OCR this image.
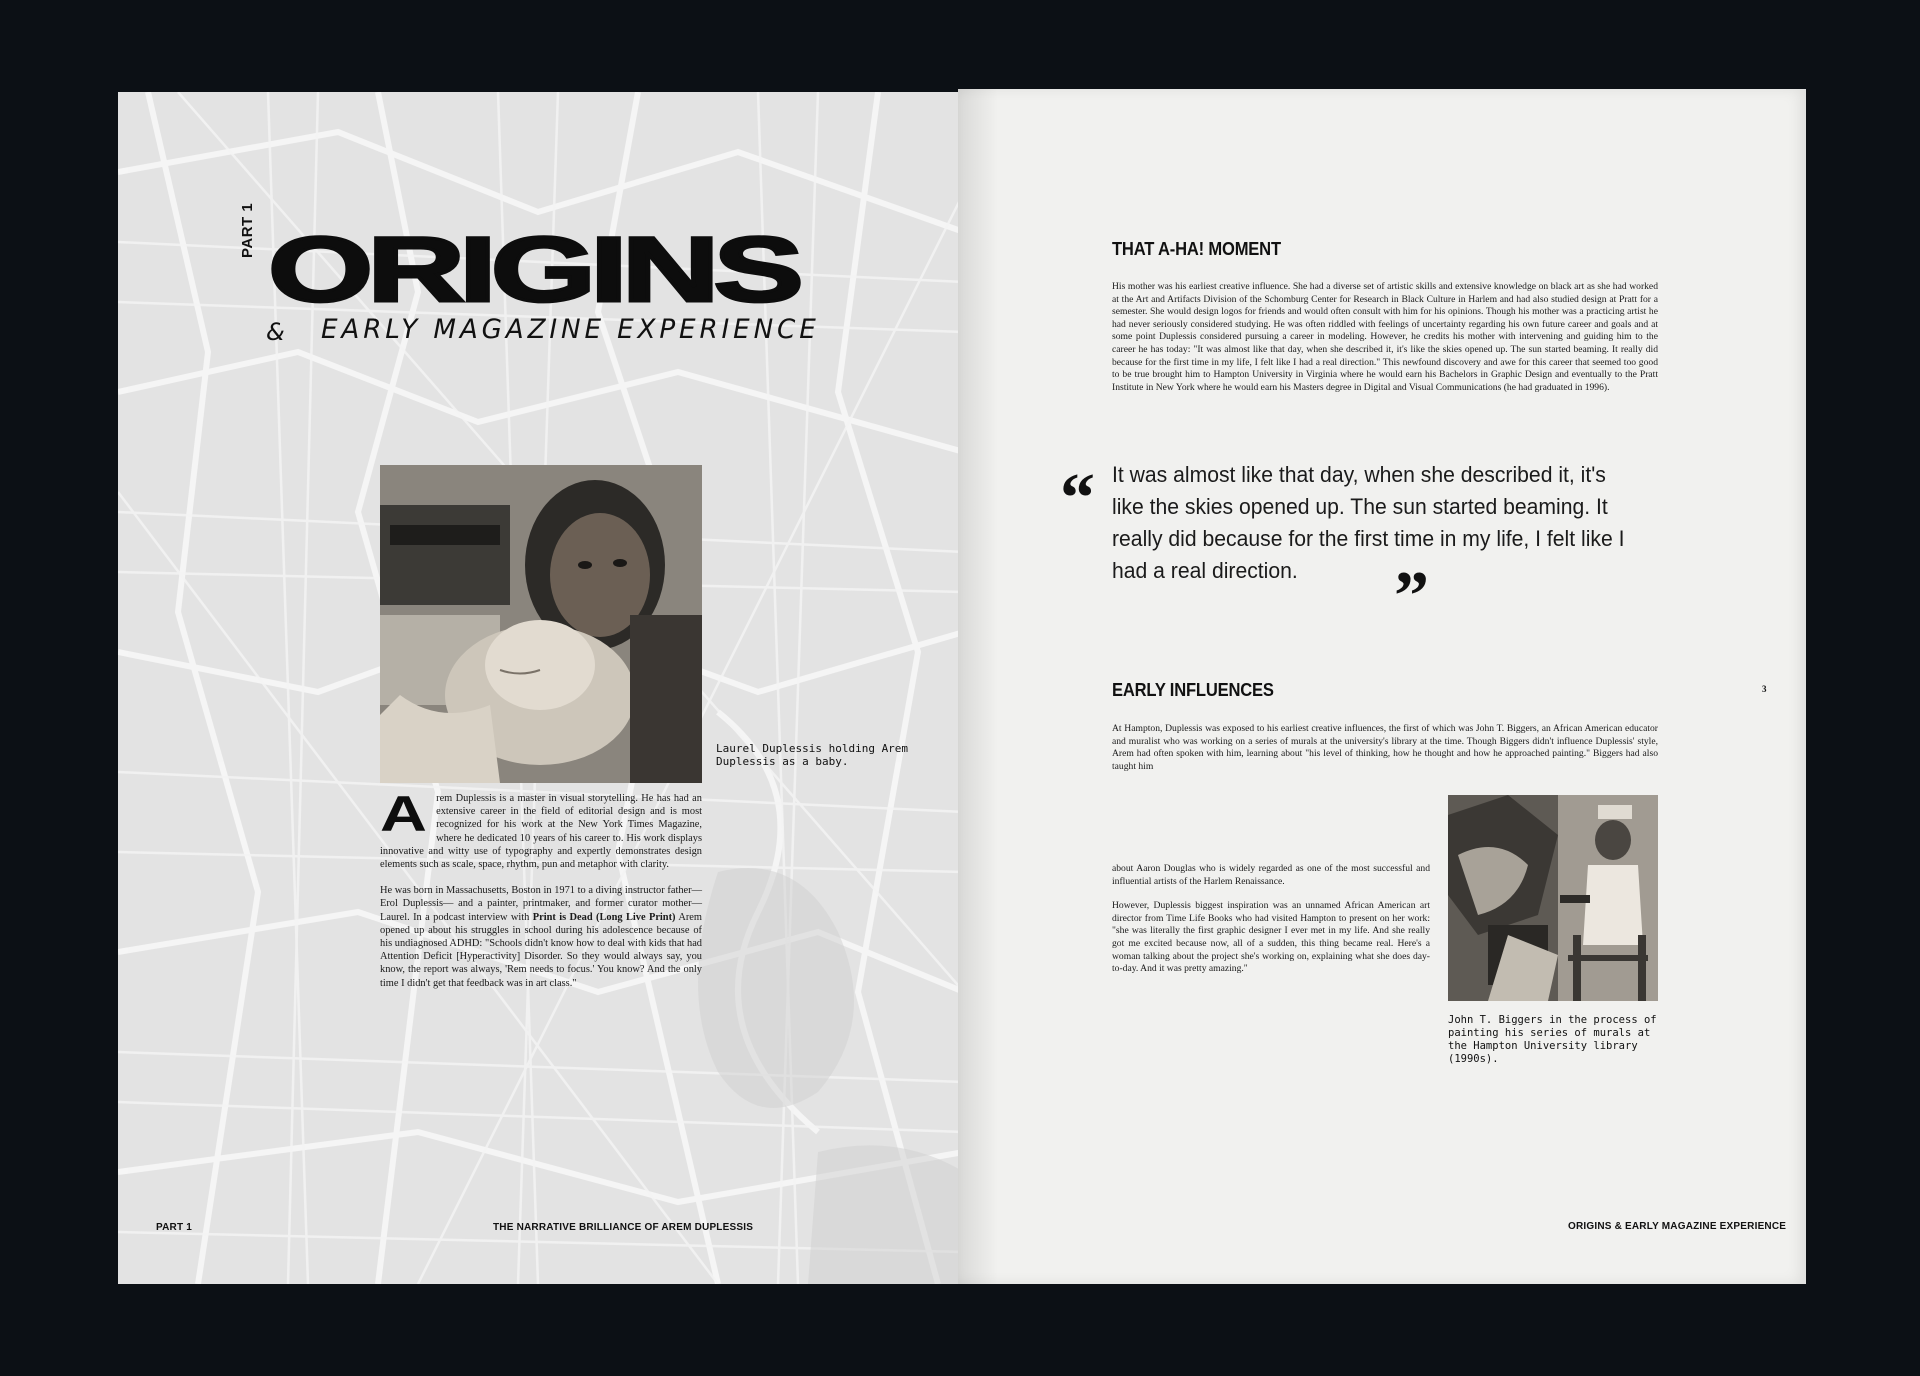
PART 1 ORIGINS
& EARLY MAGAZINE EXPERIENCE
Laurel Duplessis holding Arem Duplessis as a baby.

A rem Duplessis is a master in visual storytelling. He has had an extensive career in the field of editorial design and is most recognized for his work at the New York Times Magazine, where he dedicated 10 years of his career to. His work displays innovative and witty use of typography and expertly demonstrates design elements such as scale, space, rhythm, pun and metaphor with clarity.

He was born in Massachusetts, Boston in 1971 to a diving instructor father—Erol Duplessis— and a painter, printmaker, and former curator mother— Laurel. In a podcast interview with Print is Dead (Long Live Print) Arem opened up about his struggles in school during his adolescence because of his undiagnosed ADHD: "Schools didn't know how to deal with kids that had Attention Deficit [Hyperactivity] Disorder. So they would always say, you know, the report was always, 'Rem needs to focus.' You know? And the only time I didn't get that feedback was in art class."

PART 1	THE NARRATIVE BRILLIANCE OF AREM DUPLESSIS
THAT A-HA! MOMENT
His mother was his earliest creative influence. She had a diverse set of artistic skills and extensive knowledge on black art as she had worked at the Art and Artifacts Division of the Schomburg Center for Research in Black Culture in Harlem and had also studied design at Pratt for a semester. She would design logos for friends and would often consult with him for his opinions. Though his mother was a practicing artist he had never seriously considered studying. He was often riddled with feelings of uncertainty regarding his own future career and goals and at some point Duplessis considered pursuing a career in modeling. However, he credits his mother with intervening and guiding him to the career he has today: "It was almost like that day, when she described it, it's like the skies opened up. The sun started beaming. It really did because for the first time in my life, I felt like I had a real direction." This newfound discovery and awe for this career that seemed too good to be true brought him to Hampton University in Virginia where he would earn his Bachelors in Graphic Design and eventually to the Pratt Institute in New York where he would earn his Masters degree in Digital and Visual Communications (he had graduated in 1996).
“ It was almost like that day, when she described it, it's like the skies opened up. The sun started beaming. It really did because for the first time in my life, I felt like I had a real direction.	”
EARLY INFLUENCES	3
At Hampton, Duplessis was exposed to his earliest creative influences, the first of which was John T. Biggers, an African American educator and muralist who was working on a series of murals at the university's library at the time. Though Biggers didn't influence Duplessis' style, Arem had often spoken with him, learning about "his level of thinking, how he thought and how he approached painting." Biggers had also taught him

about Aaron Douglas who is widely regarded as one of the most successful and influential artists of the Harlem Renaissance.

However, Duplessis biggest inspiration was an unnamed African American art director from Time Life Books who had visited Hampton to present on her work: "she was literally the first graphic designer I ever met in my life. And she really got me excited because now, all of a sudden, this thing became real. Here's a woman talking about the project she's working on, explaining what she does day-to-day. And it was pretty amazing."

John T. Biggers in the process of painting his series of murals at the Hampton University library (1990s).
ORIGINS & EARLY MAGAZINE EXPERIENCE
